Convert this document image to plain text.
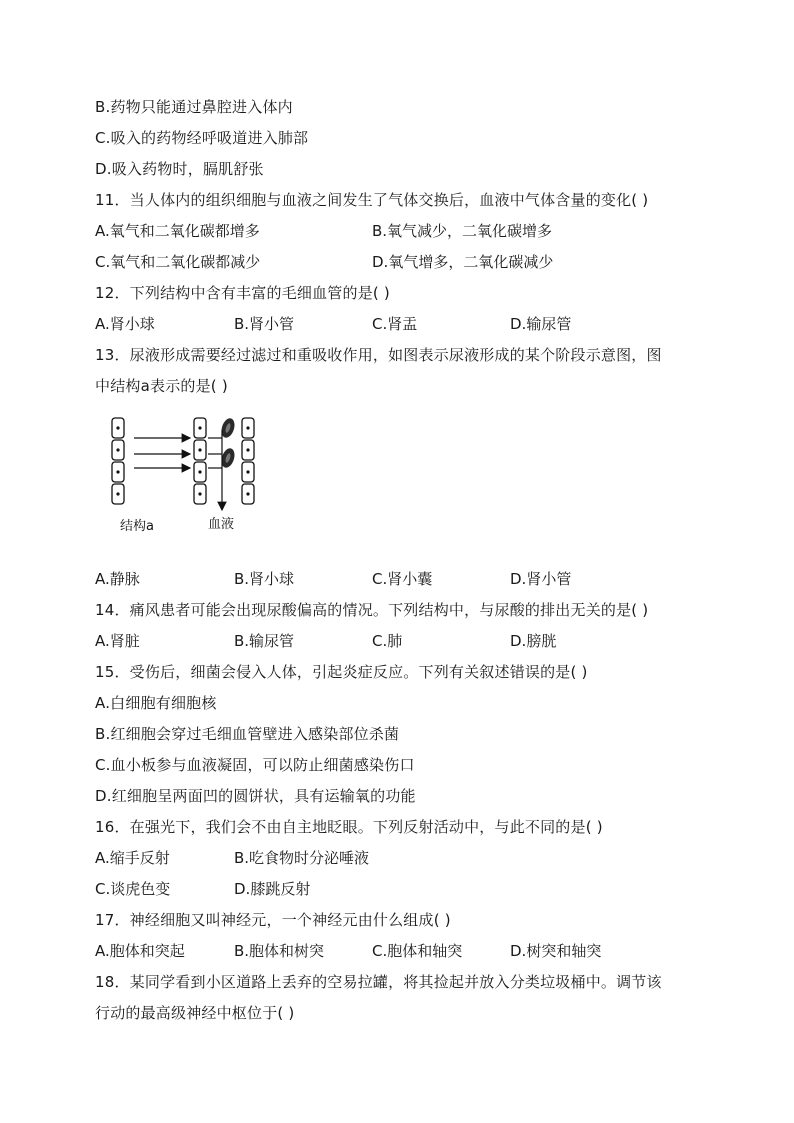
B.药物只能通过鼻腔进入体内
C.吸入的药物经呼吸道进入肺部
D.吸入药物时，膈肌舒张
11．当人体内的组织细胞与血液之间发生了气体交换后，血液中气体含量的变化( )
A.氧气和二氧化碳都增多	B.氧气减少，二氧化碳增多
C.氧气和二氧化碳都减少	D.氧气增多，二氧化碳减少
12．下列结构中含有丰富的毛细血管的是( )
A.肾小球	B.肾小管	C.肾盂	D.输尿管
13．尿液形成需要经过滤过和重吸收作用，如图表示尿液形成的某个阶段示意图，图
中结构a表示的是( )
结构a	血液
A.静脉	B.肾小球	C.肾小囊	D.肾小管
14．痛风患者可能会出现尿酸偏高的情况。下列结构中，与尿酸的排出无关的是( )
A.肾脏	B.输尿管	C.肺	D.膀胱
15．受伤后，细菌会侵入人体，引起炎症反应。下列有关叙述错误的是( )
A.白细胞有细胞核
B.红细胞会穿过毛细血管壁进入感染部位杀菌
C.血小板参与血液凝固，可以防止细菌感染伤口
D.红细胞呈两面凹的圆饼状，具有运输氧的功能
16．在强光下，我们会不由自主地眨眼。下列反射活动中，与此不同的是( )
A.缩手反射	B.吃食物时分泌唾液
C.谈虎色变	D.膝跳反射
17．神经细胞又叫神经元，一个神经元由什么组成( )
A.胞体和突起	B.胞体和树突	C.胞体和轴突	D.树突和轴突
18．某同学看到小区道路上丢弃的空易拉罐，将其捡起并放入分类垃圾桶中。调节该
行动的最高级神经中枢位于( )
